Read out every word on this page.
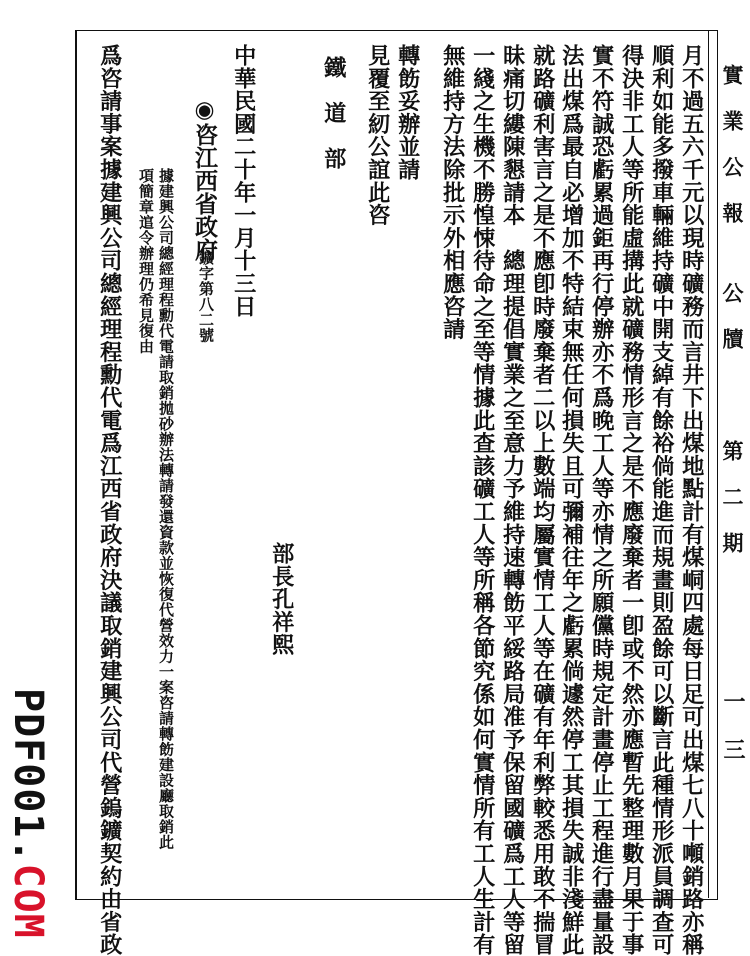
實 業 公 報
公 牘
第 二 期
一 三
月不過五六千元以現時礦務而言井下出煤地點計有煤峒四處每日足可出煤七八十噸銷路亦稱
順利如能多撥車輛維持礦中開支綽有餘裕倘能進而規畫則盈餘可以斷言此種情形派員調查可
得決非工人等所能虛搆此就礦務情形言之是不應廢棄者一卽或不然亦應暫先整理數月果于事
實不符誠恐虧累過鉅再行停辦亦不爲晚工人等亦情之所願儻時規定計畫停止工程進行盡量設
法出煤爲最自必增加不特結束無任何損失且可彌補往年之虧累倘遽然停工其損失誠非淺鮮此
就路礦利害言之是不應卽時廢棄者二以上數端均屬實情工人等在礦有年利弊較悉用敢不揣冒
昧痛切縷陳懇請本　總理提倡實業之至意力予維持速轉飭平綏路局准予保留國礦爲工人等留
一綫之生機不勝惶悚待命之至等情據此查該礦工人等所稱各節究係如何實情所有工人生計有
無維持方法除批示外相應咨請
轉飭妥辦並請
見覆至紉公誼此咨
鐵　道　部
部長孔祥熙
中華民國二十年一月十三日
◉咨江西省政府
鑛字第八二號
據建興公司總經理程勳代電請取銷拋砂辦法轉請發還資款並恢復代營效力一案咨請轉飭建設廳取銷此
項簡章逭令辦理仍希見復由
爲咨請事案據建興公司總經理程勳代電爲江西省政府決議取銷建興公司代營鎢鑛契約由省政
PDF001.COM
